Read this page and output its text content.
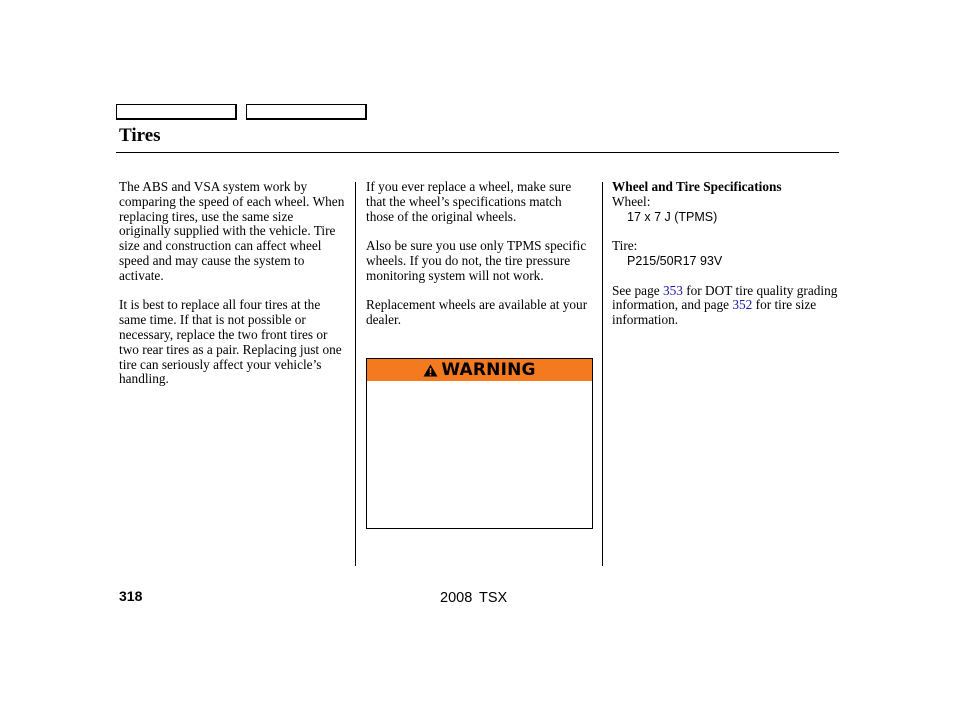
Tires

The ABS and VSA system work by comparing the speed of each wheel. When replacing tires, use the same size originally supplied with the vehicle. Tire size and construction can affect wheel speed and may cause the system to activate.

It is best to replace all four tires at the same time. If that is not possible or necessary, replace the two front tires or two rear tires as a pair. Replacing just one tire can seriously affect your vehicle’s handling.

If you ever replace a wheel, make sure that the wheel’s specifications match those of the original wheels.

Also be sure you use only TPMS specific wheels. If you do not, the tire pressure monitoring system will not work.

Replacement wheels are available at your dealer.

WARNING
Wheel and Tire Specifications
Wheel:
17 x 7 J (TPMS)
Tire:
P215/50R17 93V
See page 353 for DOT tire quality grading information, and page 352 for tire size information.
318	2008 TSX
